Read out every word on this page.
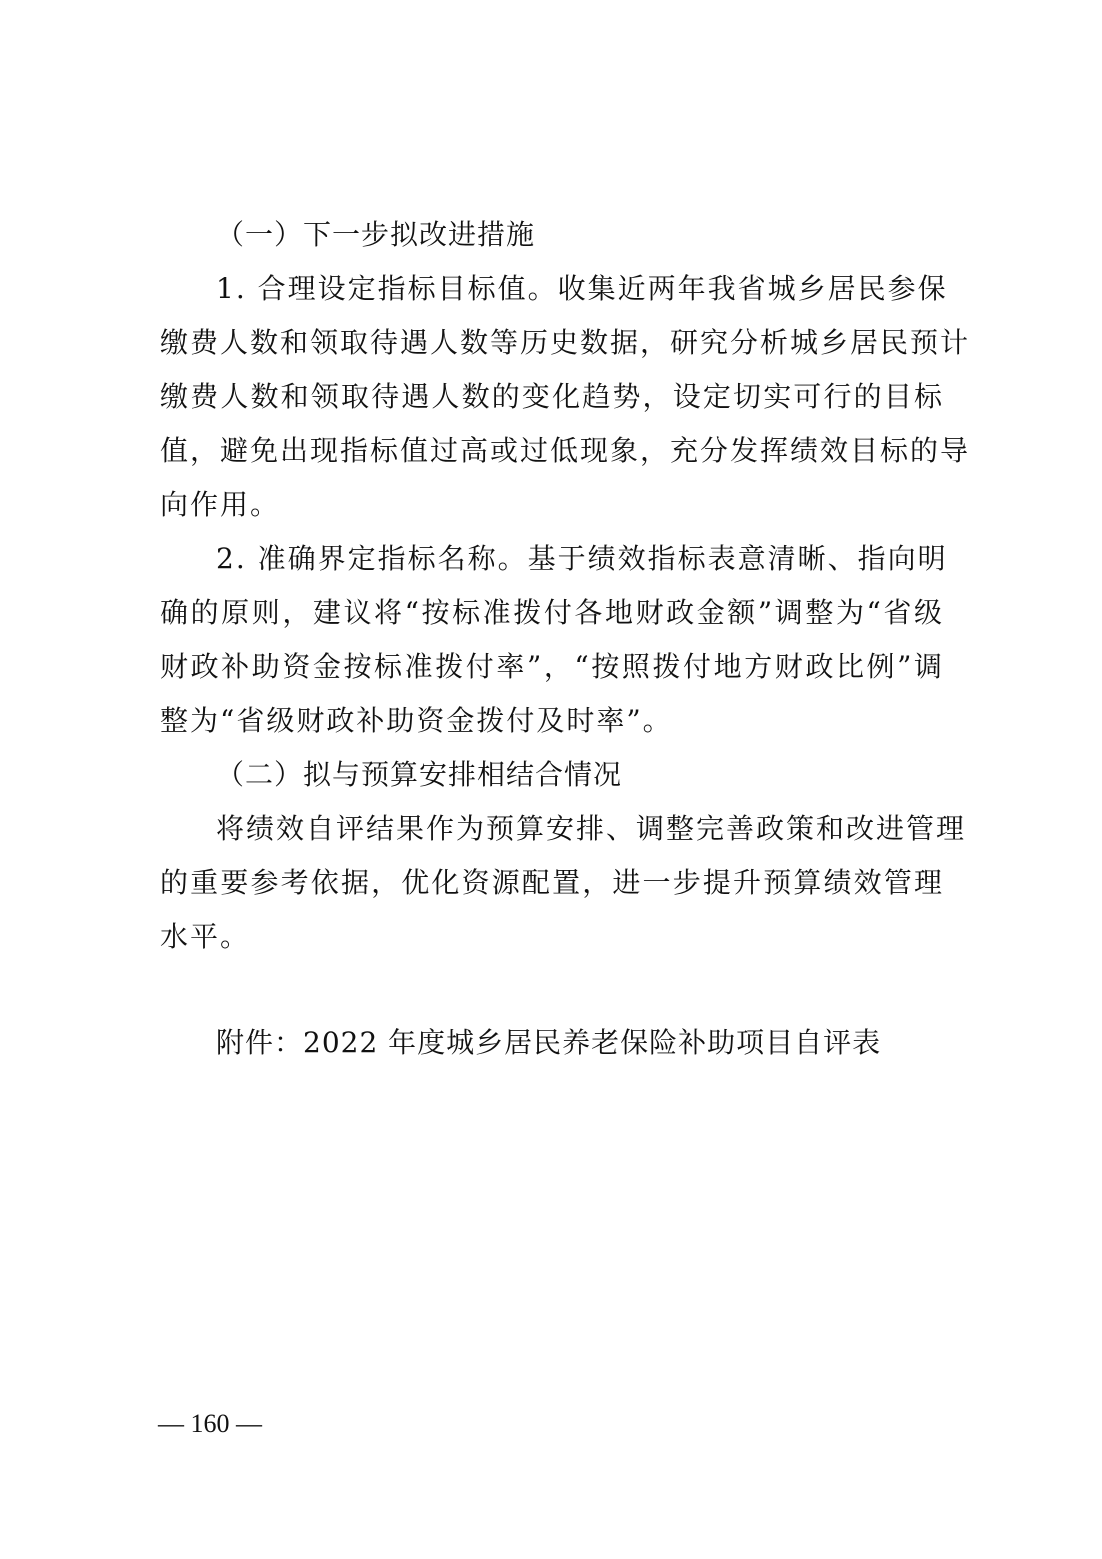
（一）下一步拟改进措施
1. 合理设定指标目标值。收集近两年我省城乡居民参保
缴费人数和领取待遇人数等历史数据，研究分析城乡居民预计
缴费人数和领取待遇人数的变化趋势，设定切实可行的目标
值，避免出现指标值过高或过低现象，充分发挥绩效目标的导
向作用。
2. 准确界定指标名称。基于绩效指标表意清晰、指向明
确的原则，建议将“按标准拨付各地财政金额”调整为“省级
财政补助资金按标准拨付率”，“按照拨付地方财政比例”调
整为“省级财政补助资金拨付及时率”。
（二）拟与预算安排相结合情况
将绩效自评结果作为预算安排、调整完善政策和改进管理
的重要参考依据，优化资源配置，进一步提升预算绩效管理
水平。
附件：2022 年度城乡居民养老保险补助项目自评表
— 160 —
